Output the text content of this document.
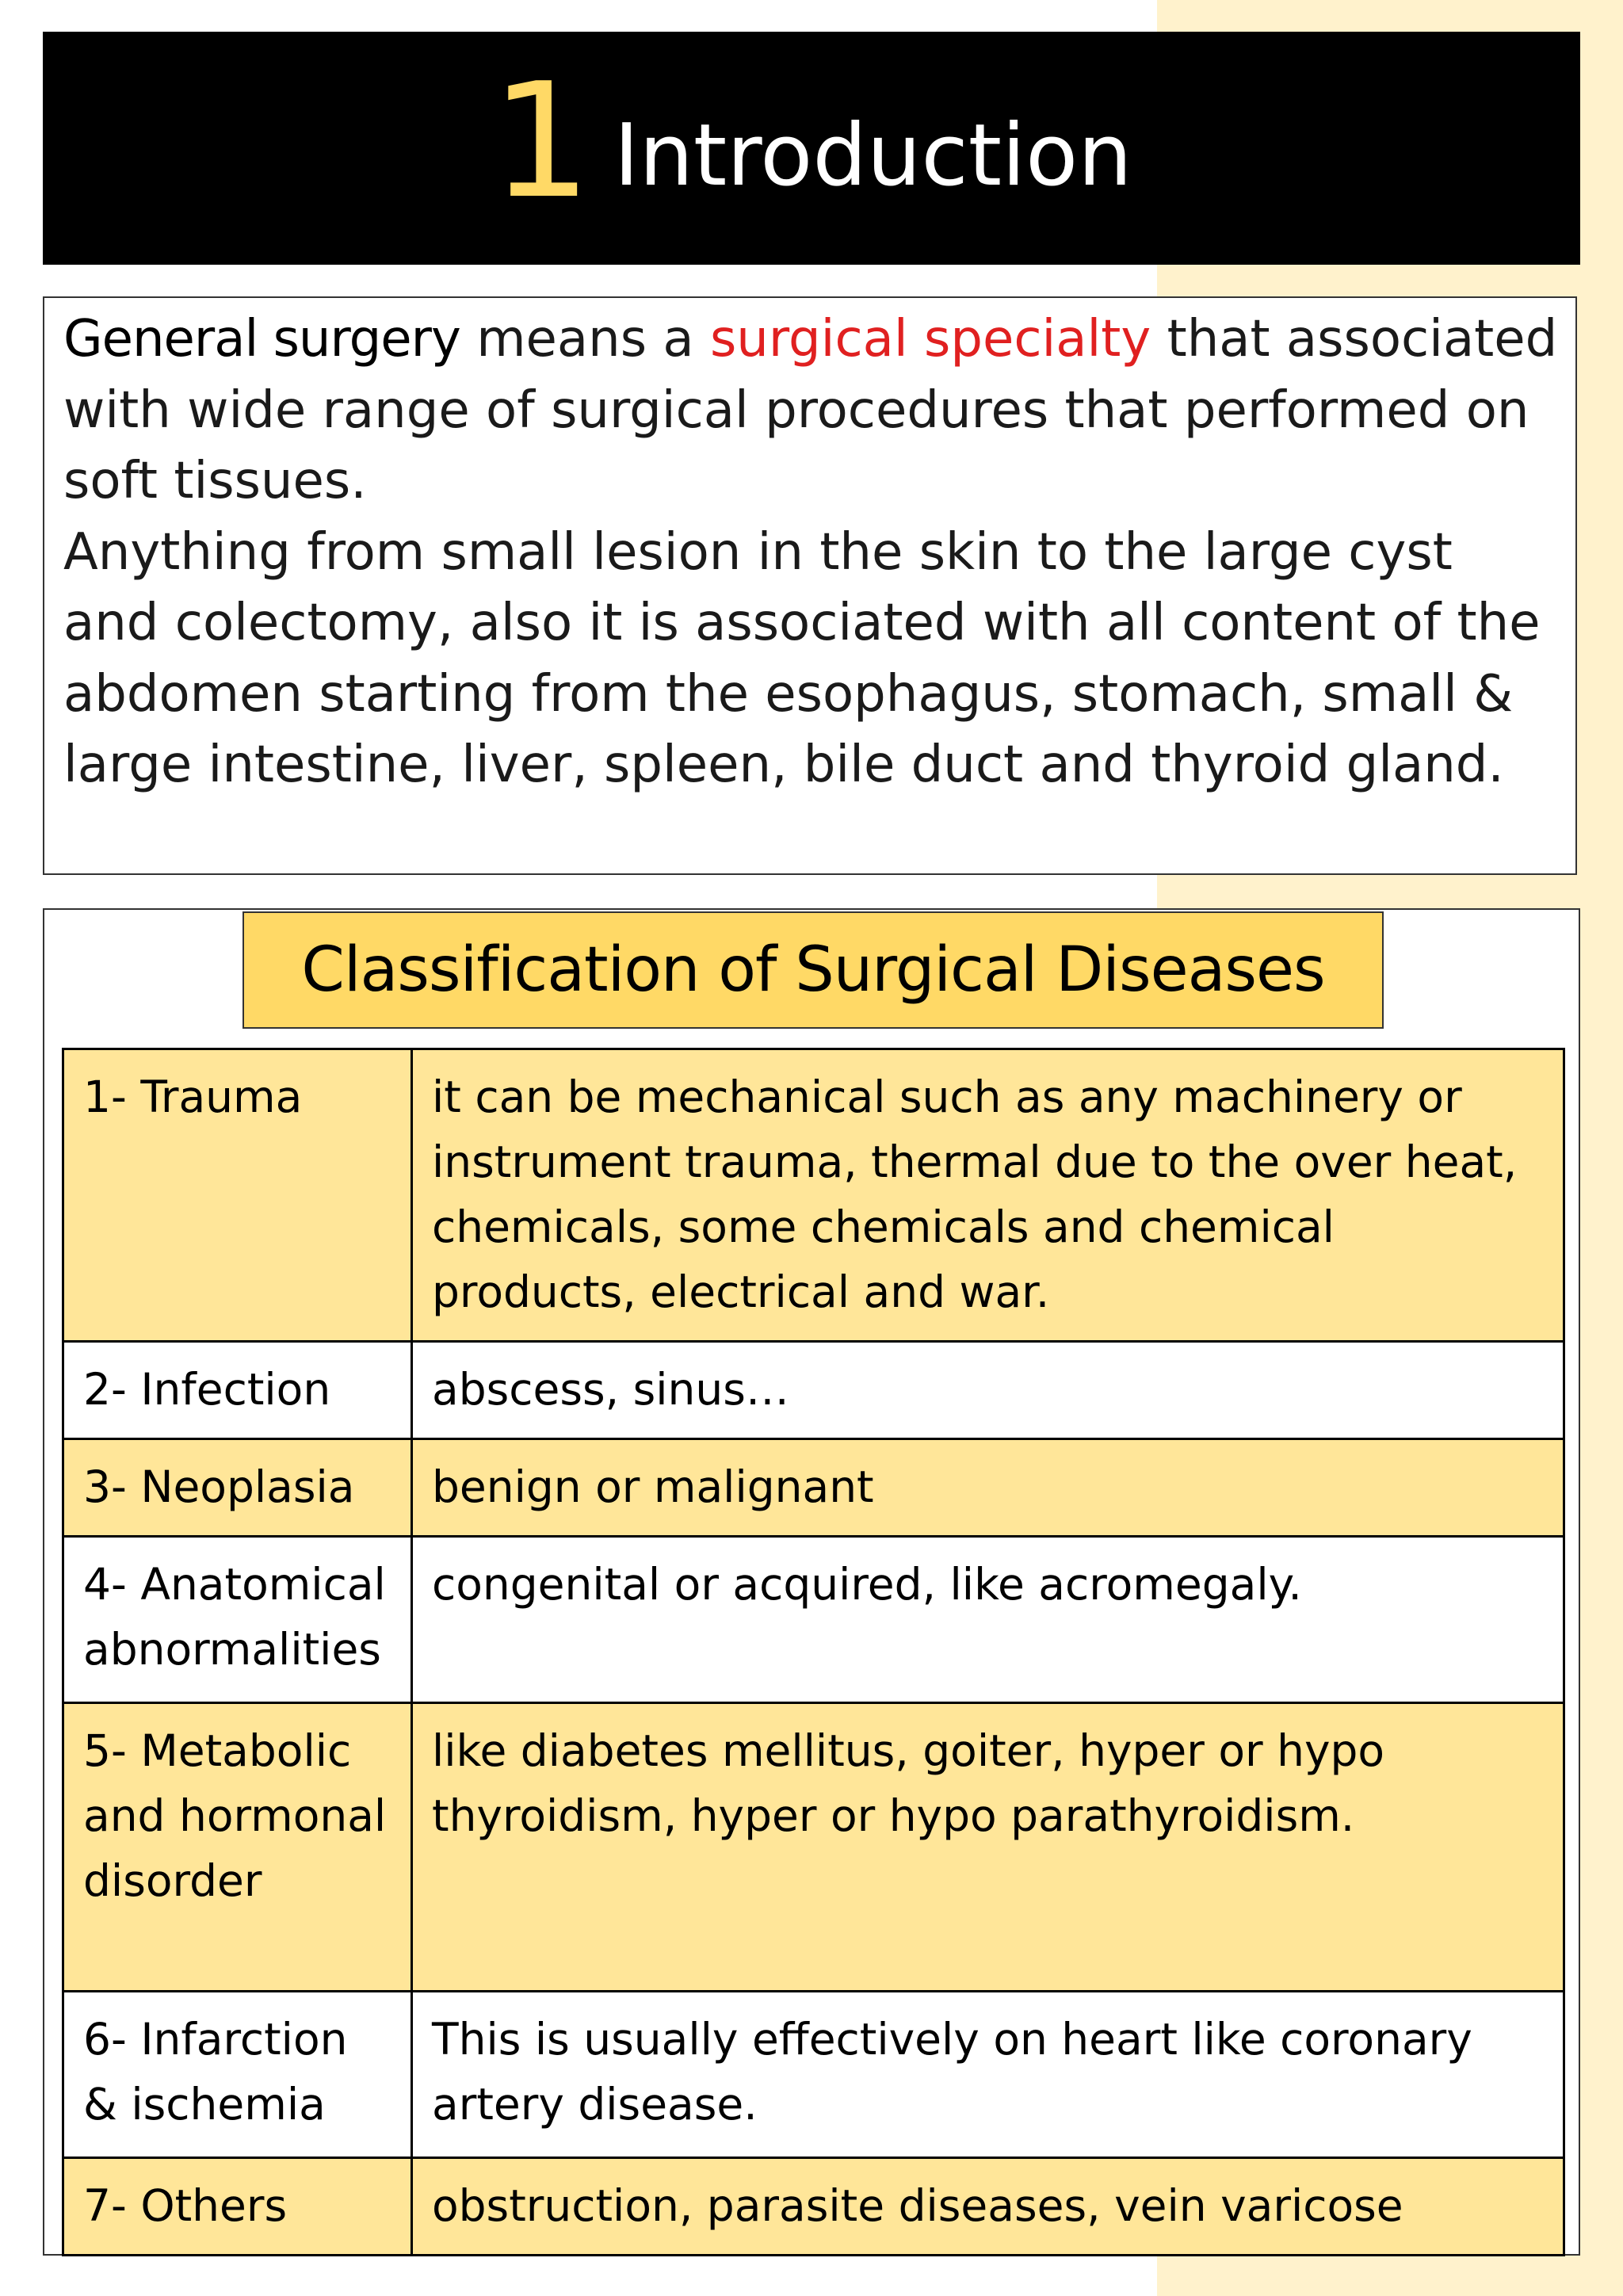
1 Introduction

General surgery means a surgical specialty that associated with wide range of surgical procedures that performed on soft tissues.

Anything from small lesion in the skin to the large cyst and colectomy, also it is associated with all content of the abdomen starting from the esophagus, stomach, small & large intestine, liver, spleen, bile duct and thyroid gland.

Classification of Surgical Diseases
1- Trauma	it can be mechanical such as any machinery or instrument trauma, thermal due to the over heat, chemicals, some chemicals and chemical products, electrical and war.
2- Infection	abscess, sinus…
3- Neoplasia	benign or malignant
4- Anatomical abnormalities	congenital or acquired, like acromegaly.
5- Metabolic and hormonal disorder	like diabetes mellitus, goiter, hyper or hypo thyroidism, hyper or hypo parathyroidism.
6- Infarction & ischemia	This is usually effectively on heart like coronary artery disease.
7- Others	obstruction, parasite diseases, vein varicose
